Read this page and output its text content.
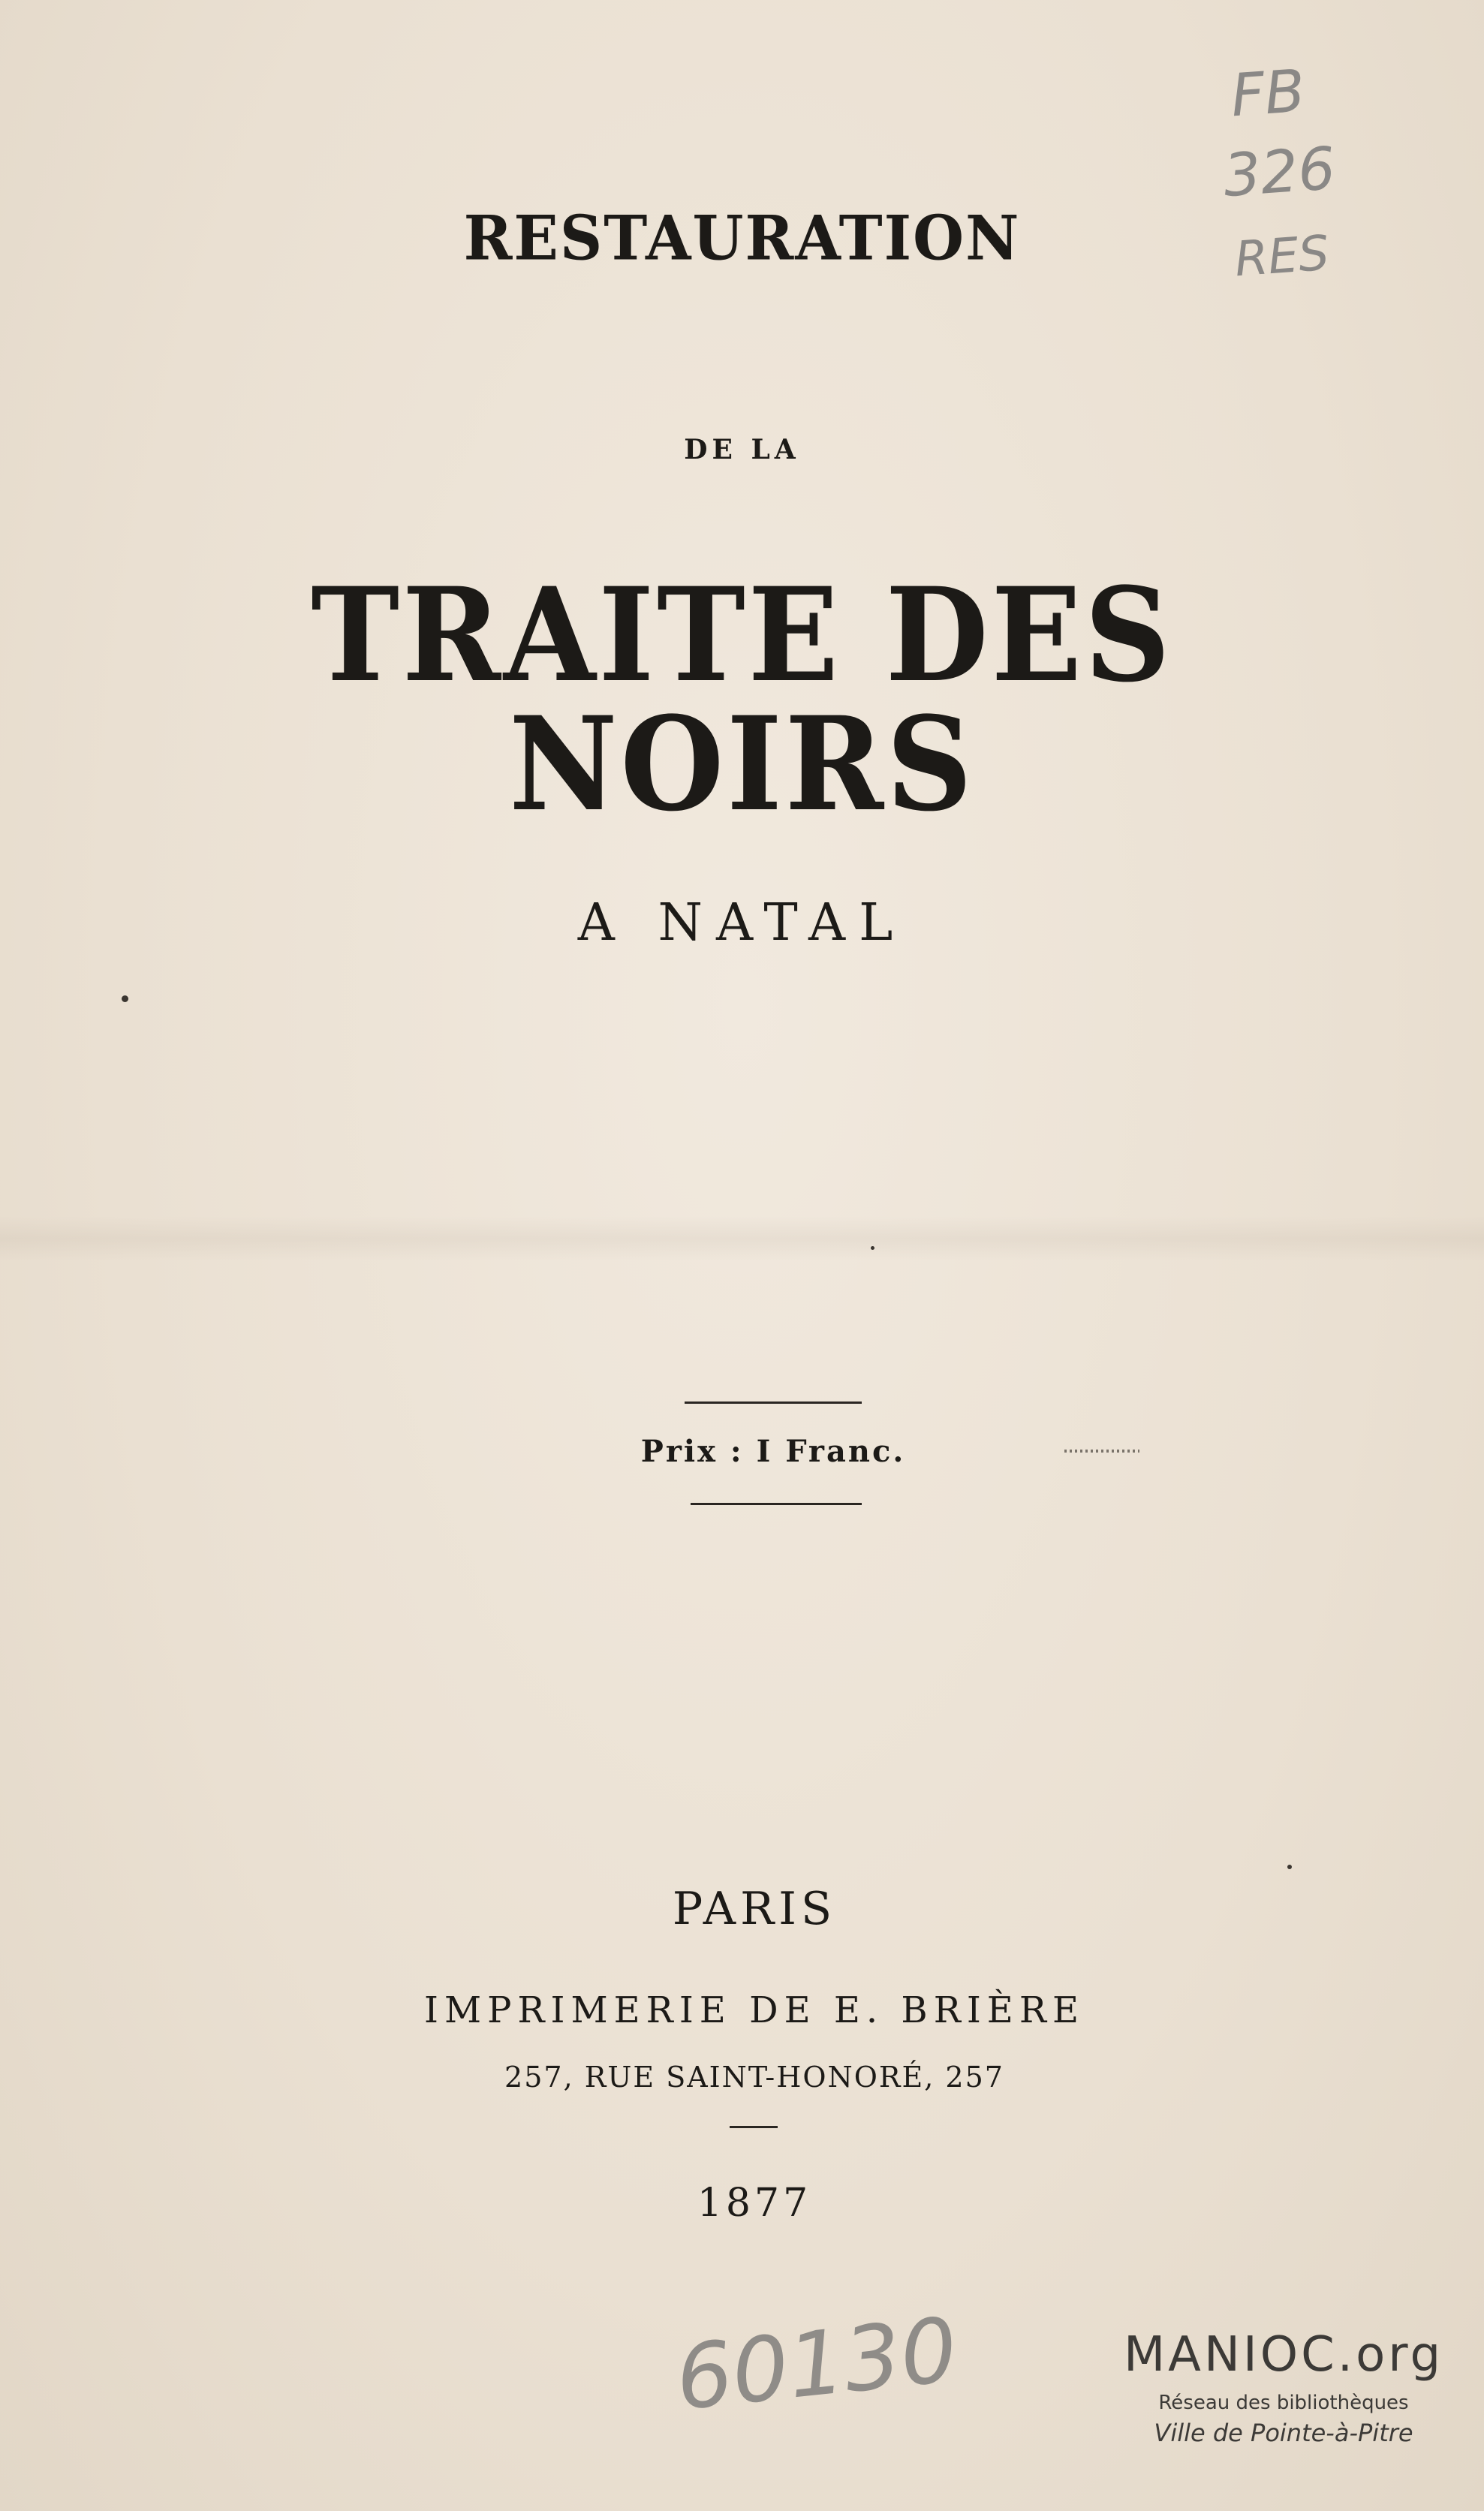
FB
326
RES

RESTAURATION

DE LA

TRAITE DES NOIRS

A NATAL

Prix : I Franc.

PARIS

IMPRIMERIE DE E. BRIÈRE

257, RUE SAINT-HONORÉ, 257

1877

60130	MANIOC.org

Réseau des bibliothèques

Ville de Pointe-à-Pitre
